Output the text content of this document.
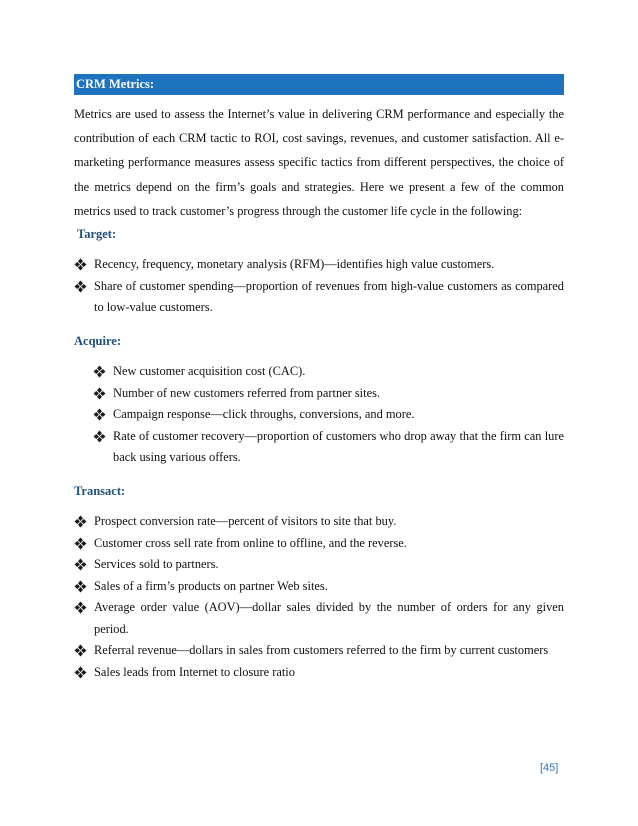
CRM Metrics:

Metrics are used to assess the Internet’s value in delivering CRM performance and especially the contribution of each CRM tactic to ROI, cost savings, revenues, and customer satisfaction. All e-marketing performance measures assess specific tactics from different perspectives, the choice of the metrics depend on the firm’s goals and strategies. Here we present a few of the common metrics used to track customer’s progress through the customer life cycle in the following:

Target:
Recency, frequency, monetary analysis (RFM)—identifies high value customers.
Share of customer spending—proportion of revenues from high-value customers as compared to low-value customers.
Acquire:
New customer acquisition cost (CAC).
Number of new customers referred from partner sites.
Campaign response—click throughs, conversions, and more.
Rate of customer recovery—proportion of customers who drop away that the firm can lure back using various offers.
Transact:
Prospect conversion rate—percent of visitors to site that buy.
Customer cross sell rate from online to offline, and the reverse.
Services sold to partners.
Sales of a firm’s products on partner Web sites.
Average order value (AOV)—dollar sales divided by the number of orders for any given period.
Referral revenue—dollars in sales from customers referred to the firm by current customers
Sales leads from Internet to closure ratio
[45]
